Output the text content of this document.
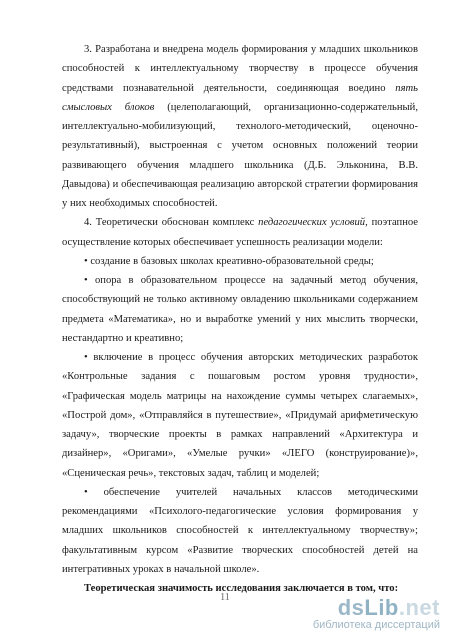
3. Разработана и внедрена модель формирования у младших школьников способностей к интеллектуальному творчеству в процессе обучения средствами познавательной деятельности, соединяющая воедино пять смысловых блоков (целеполагающий, организационно-содержательный, интеллектуально-мобилизующий, технолого-методический, оценочно-результативный), выстроенная с учетом основных положений теории развивающего обучения младшего школьника (Д.Б. Эльконина, В.В. Давыдова) и обеспечивающая реализацию авторской стратегии формирования у них необходимых способностей.

4. Теоретически обоснован комплекс педагогических условий, поэтапное осуществление которых обеспечивает успешность реализации модели:

• создание в базовых школах креативно-образовательной среды;

• опора в образовательном процессе на задачный метод обучения, способствующий не только активному овладению школьниками содержанием предмета «Математика», но и выработке умений у них мыслить творчески, нестандартно и креативно;

• включение в процесс обучения авторских методических разработок «Контрольные задания с пошаговым ростом уровня трудности», «Графическая модель матрицы на нахождение суммы четырех слагаемых», «Построй дом», «Отправляйся в путешествие», «Придумай арифметическую задачу», творческие проекты в рамках направлений «Архитектура и дизайнер», «Оригами», «Умелые ручки» «ЛЕГО (конструирование)», «Сценическая речь», текстовых задач, таблиц и моделей;

• обеспечение учителей начальных классов методическими рекомендациями «Психолого-педагогические условия формирования у младших школьников способностей к интеллектуальному творчеству»; факультативным курсом «Развитие творческих способностей детей на интегративных уроках в начальной школе».

Теоретическая значимость исследования заключается в том, что:

11	dsLib.net
библиотека диссертаций
